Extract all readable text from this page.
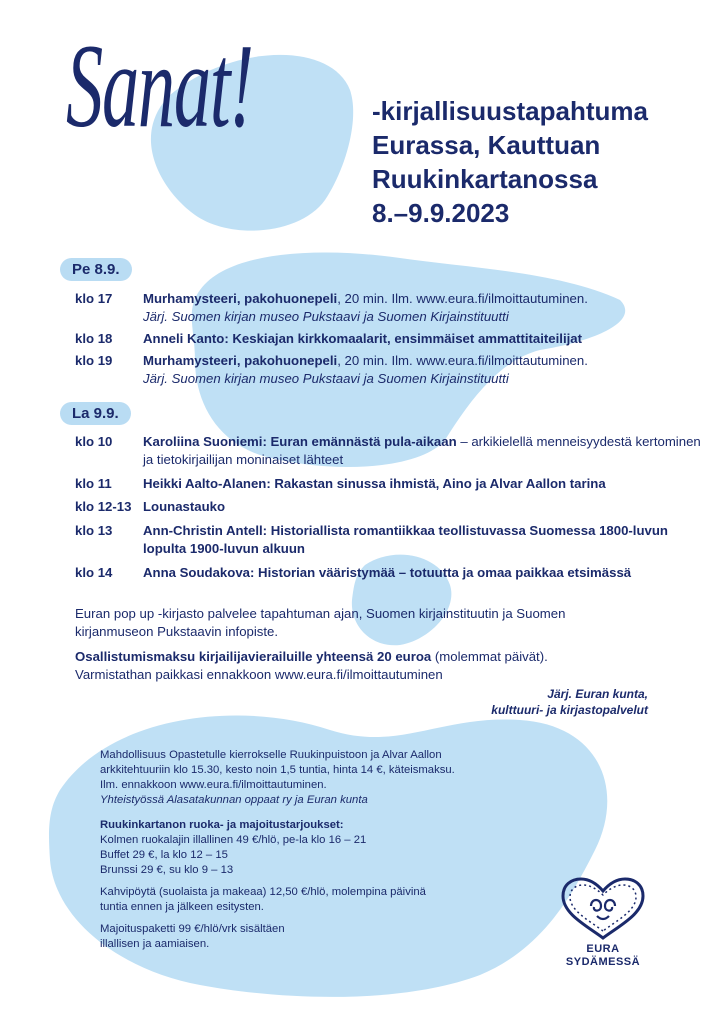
Sanat!	-kirjallisuustapahtuma
Eurassa, Kauttuan
Ruukinkartanossa
8.–9.9.2023
Pe 8.9.
klo 17 Murhamysteeri, pakohuonepeli, 20 min. Ilm. www.eura.fi/ilmoittautuminen.
Järj. Suomen kirjan museo Pukstaavi ja Suomen Kirjainstituutti
klo 18 Anneli Kanto: Keskiajan kirkkomaalarit, ensimmäiset ammattitaiteilijat
klo 19 Murhamysteeri, pakohuonepeli, 20 min. Ilm. www.eura.fi/ilmoittautuminen.
Järj. Suomen kirjan museo Pukstaavi ja Suomen Kirjainstituutti
La 9.9.
klo 10 Karoliina Suoniemi: Euran emännästä pula-aikaan – arkikielellä menneisyydestä kertominen ja tietokirjailijan moninaiset lähteet
klo 11 Heikki Aalto-Alanen: Rakastan sinussa ihmistä, Aino ja Alvar Aallon tarina
klo 12-13 Lounastauko
klo 13 Ann-Christin Antell: Historiallista romantiikkaa teollistuvassa Suomessa 1800-luvun lopulta 1900-luvun alkuun
klo 14 Anna Soudakova: Historian vääristymää – totuutta ja omaa paikkaa etsimässä
Euran pop up -kirjasto palvelee tapahtuman ajan, Suomen kirjainstituutin ja Suomen kirjanmuseon Pukstaavin infopiste.
Osallistumismaksu kirjailijavierailuille yhteensä 20 euroa (molemmat päivät).
Varmistathan paikkasi ennakkoon www.eura.fi/ilmoittautuminen
Järj. Euran kunta,
kulttuuri- ja kirjastopalvelut
Mahdollisuus Opastetulle kierrokselle Ruukinpuistoon ja Alvar Aallon
arkkitehtuuriin klo 15.30, kesto noin 1,5 tuntia, hinta 14 €, käteismaksu.
Ilm. ennakkoon www.eura.fi/ilmoittautuminen.
Yhteistyössä Alasatakunnan oppaat ry ja Euran kunta
Ruukinkartanon ruoka- ja majoitustarjoukset:
Kolmen ruokalajin illallinen 49 €/hlö, pe-la klo 16 – 21
Buffet 29 €, la klo 12 – 15
Brunssi 29 €, su klo 9 – 13
Kahvipöytä (suolaista ja makeaa) 12,50 €/hlö, molempina päivinä
tuntia ennen ja jälkeen esitysten.
Majoituspaketti 99 €/hlö/vrk sisältäen
illallisen ja aamiaisen.	EURA
SYDÄMESSÄ
